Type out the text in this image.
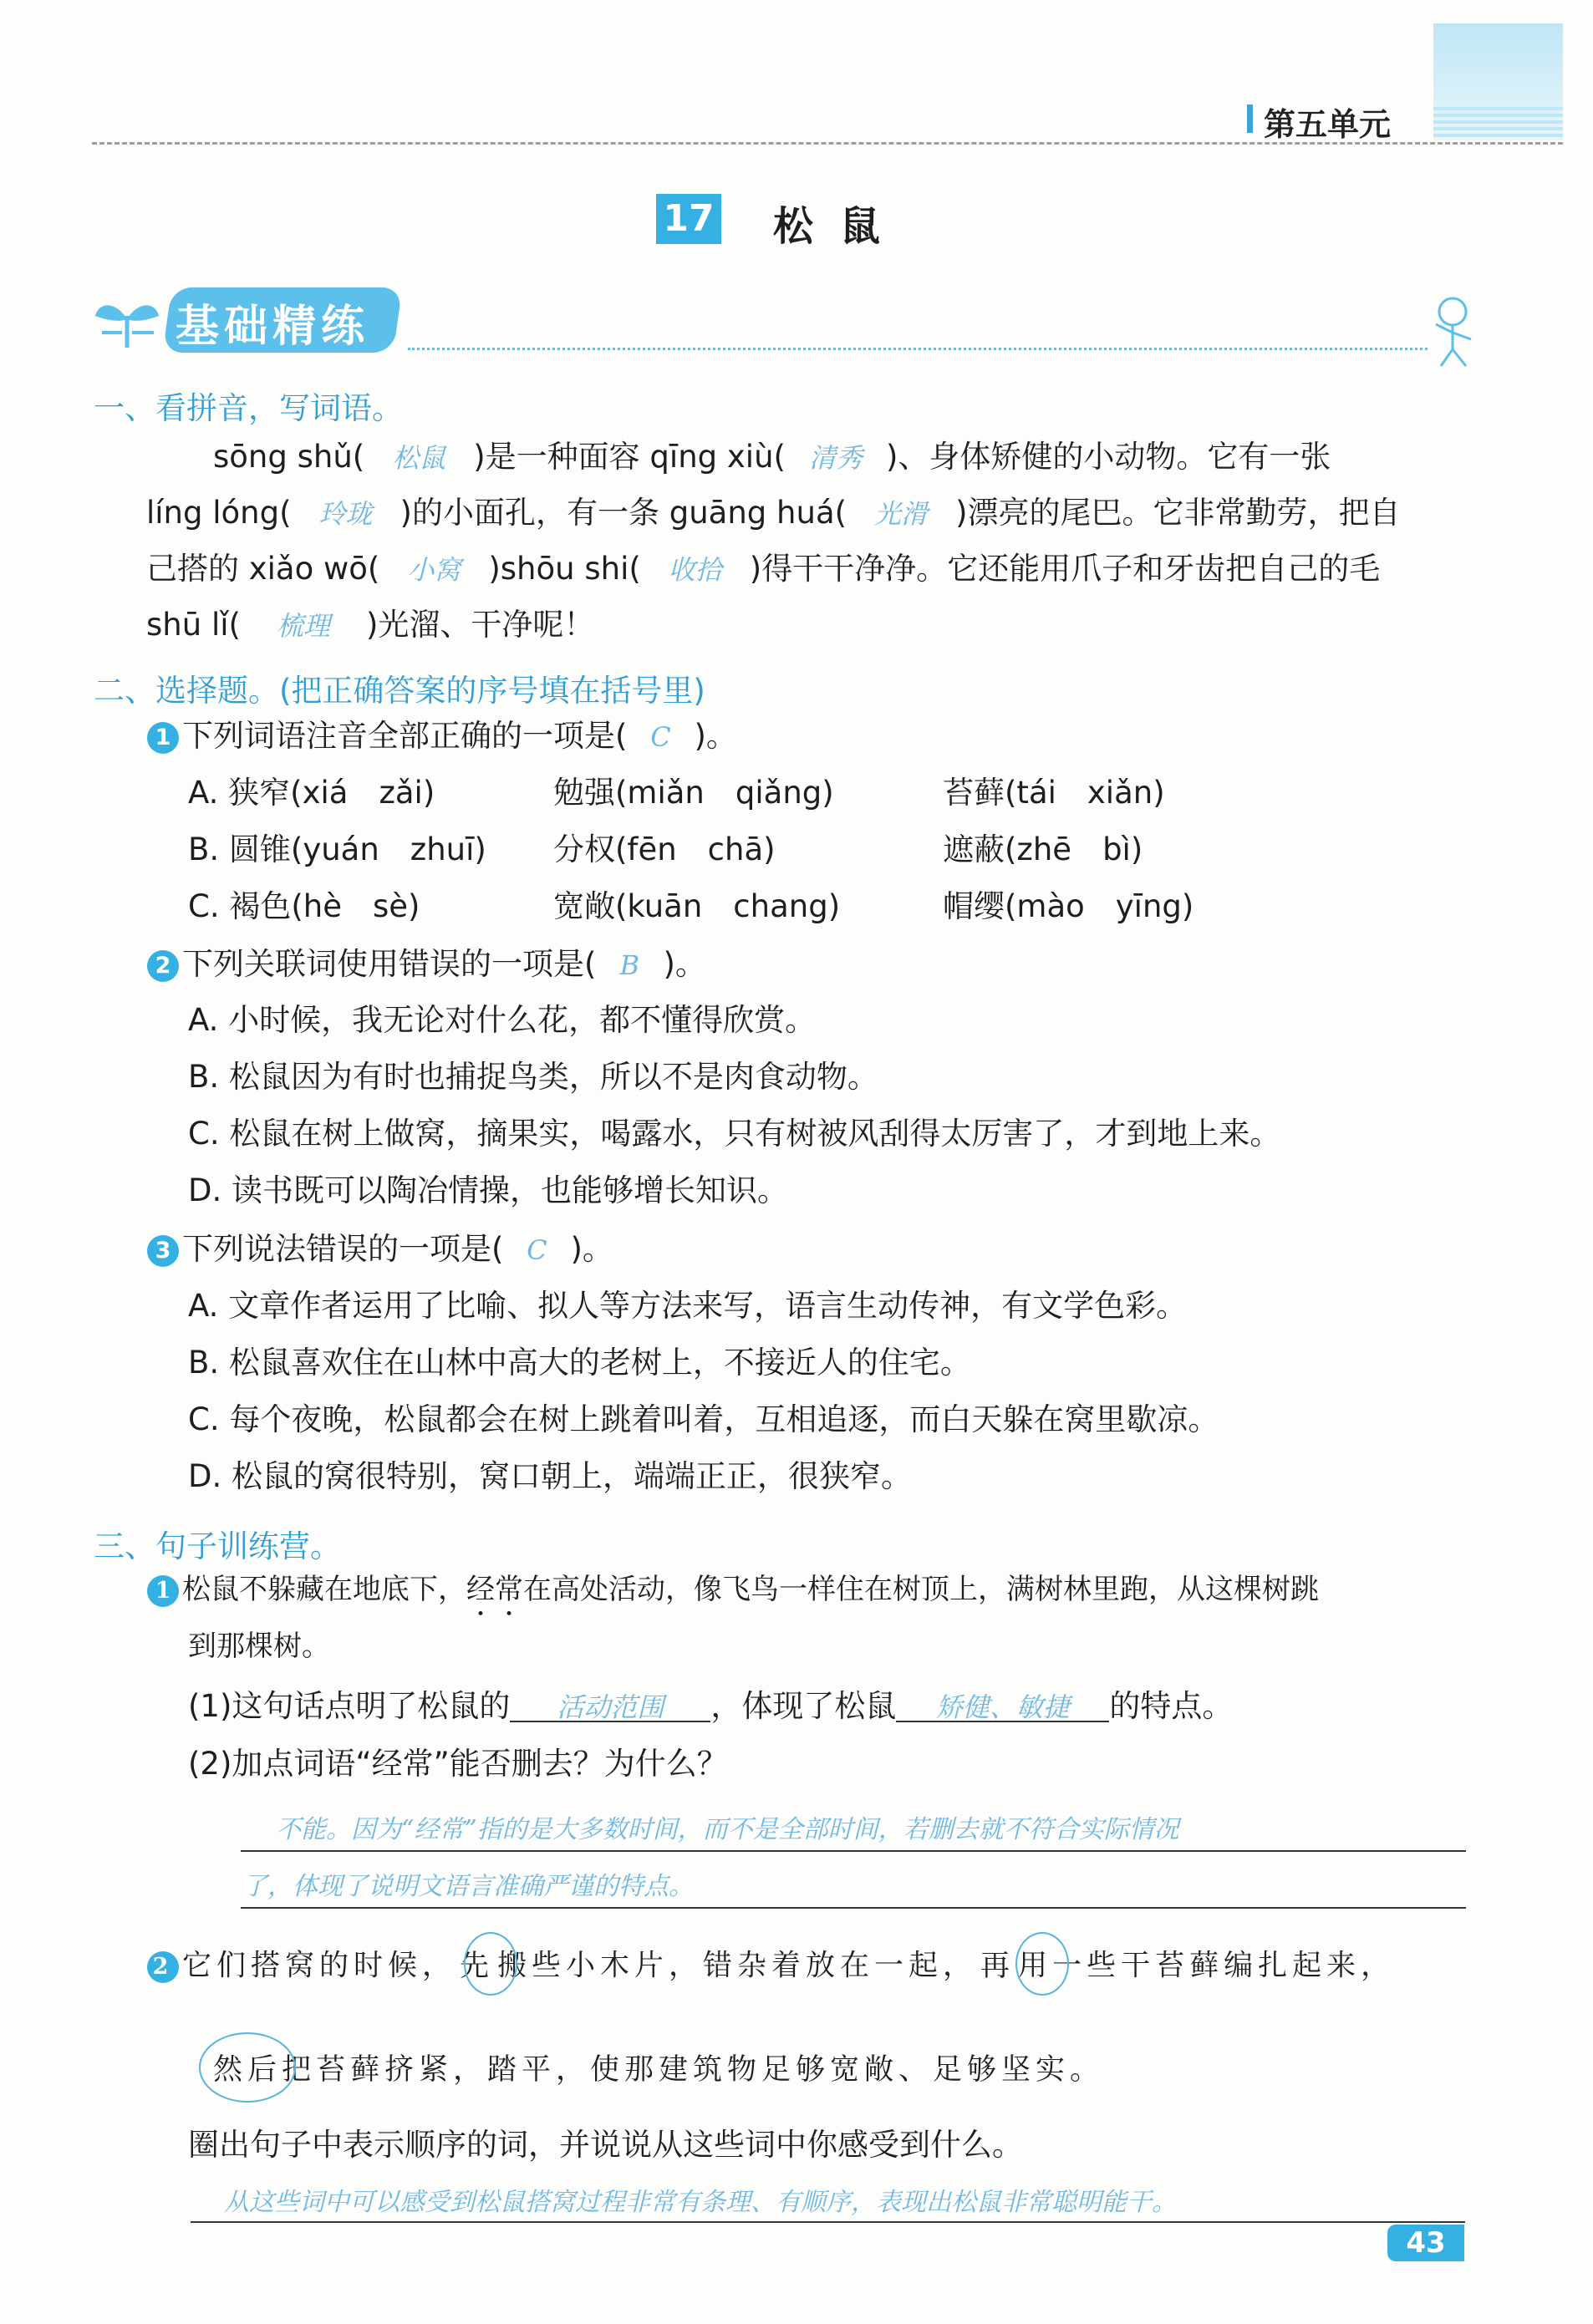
第五单元
17 松鼠
基础精练
一、看拼音，写词语。
sōng shǔ( 松鼠 )是一种面容 qīng xiù( 清秀 )、身体矫健的小动物。它有一张
líng lóng( 玲珑 )的小面孔，有一条 guāng huá( 光滑 )漂亮的尾巴。它非常勤劳，把自
己搭的 xiǎo wō( 小窝 )shōu shi( 收拾 )得干干净净。它还能用爪子和牙齿把自己的毛
shū lǐ( 梳理 )光溜、干净呢！
二、选择题。(把正确答案的序号填在括号里)
1 下列词语注音全部正确的一项是( C )。
A. 狭窄(xiá　zǎi)	勉强(miǎn　qiǎng)	苔藓(tái　xiǎn)
B. 圆锥(yuán　zhuī) 分权(fēn　chā)	遮蔽(zhē　bì)
C. 褐色(hè　sè)	宽敞(kuān　chang)	帽缨(mào　yīng)
2 下列关联词使用错误的一项是( B )。
A. 小时候，我无论对什么花，都不懂得欣赏。
B. 松鼠因为有时也捕捉鸟类，所以不是肉食动物。
C. 松鼠在树上做窝，摘果实，喝露水，只有树被风刮得太厉害了，才到地上来。
D. 读书既可以陶冶情操，也能够增长知识。
3 下列说法错误的一项是( C )。
A. 文章作者运用了比喻、拟人等方法来写，语言生动传神，有文学色彩。
B. 松鼠喜欢住在山林中高大的老树上，不接近人的住宅。
C. 每个夜晚，松鼠都会在树上跳着叫着，互相追逐，而白天躲在窝里歇凉。
D. 松鼠的窝很特别，窝口朝上，端端正正，很狭窄。
三、句子训练营。
1 松鼠不躲藏在地底下，经常在高处活动，像飞鸟一样住在树顶上，满树林里跑，从这棵树跳
到那棵树。
(1)这句话点明了松鼠的 活动范围 ，体现了松鼠 矫健、敏捷 的特点。
(2)加点词语“经常”能否删去？为什么？
不能。因为“经常”指的是大多数时间，而不是全部时间，若删去就不符合实际情况
了，体现了说明文语言准确严谨的特点。
2 它们搭窝的时候， 先 搬些小木片，错杂着放在一起， 再 用一些干苔藓编扎起来，
然后把苔藓挤紧，踏平，使那建筑物足够宽敞、足够坚实。
圈出句子中表示顺序的词，并说说从这些词中你感受到什么。
从这些词中可以感受到松鼠搭窝过程非常有条理、有顺序，表现出松鼠非常聪明能干。
43
